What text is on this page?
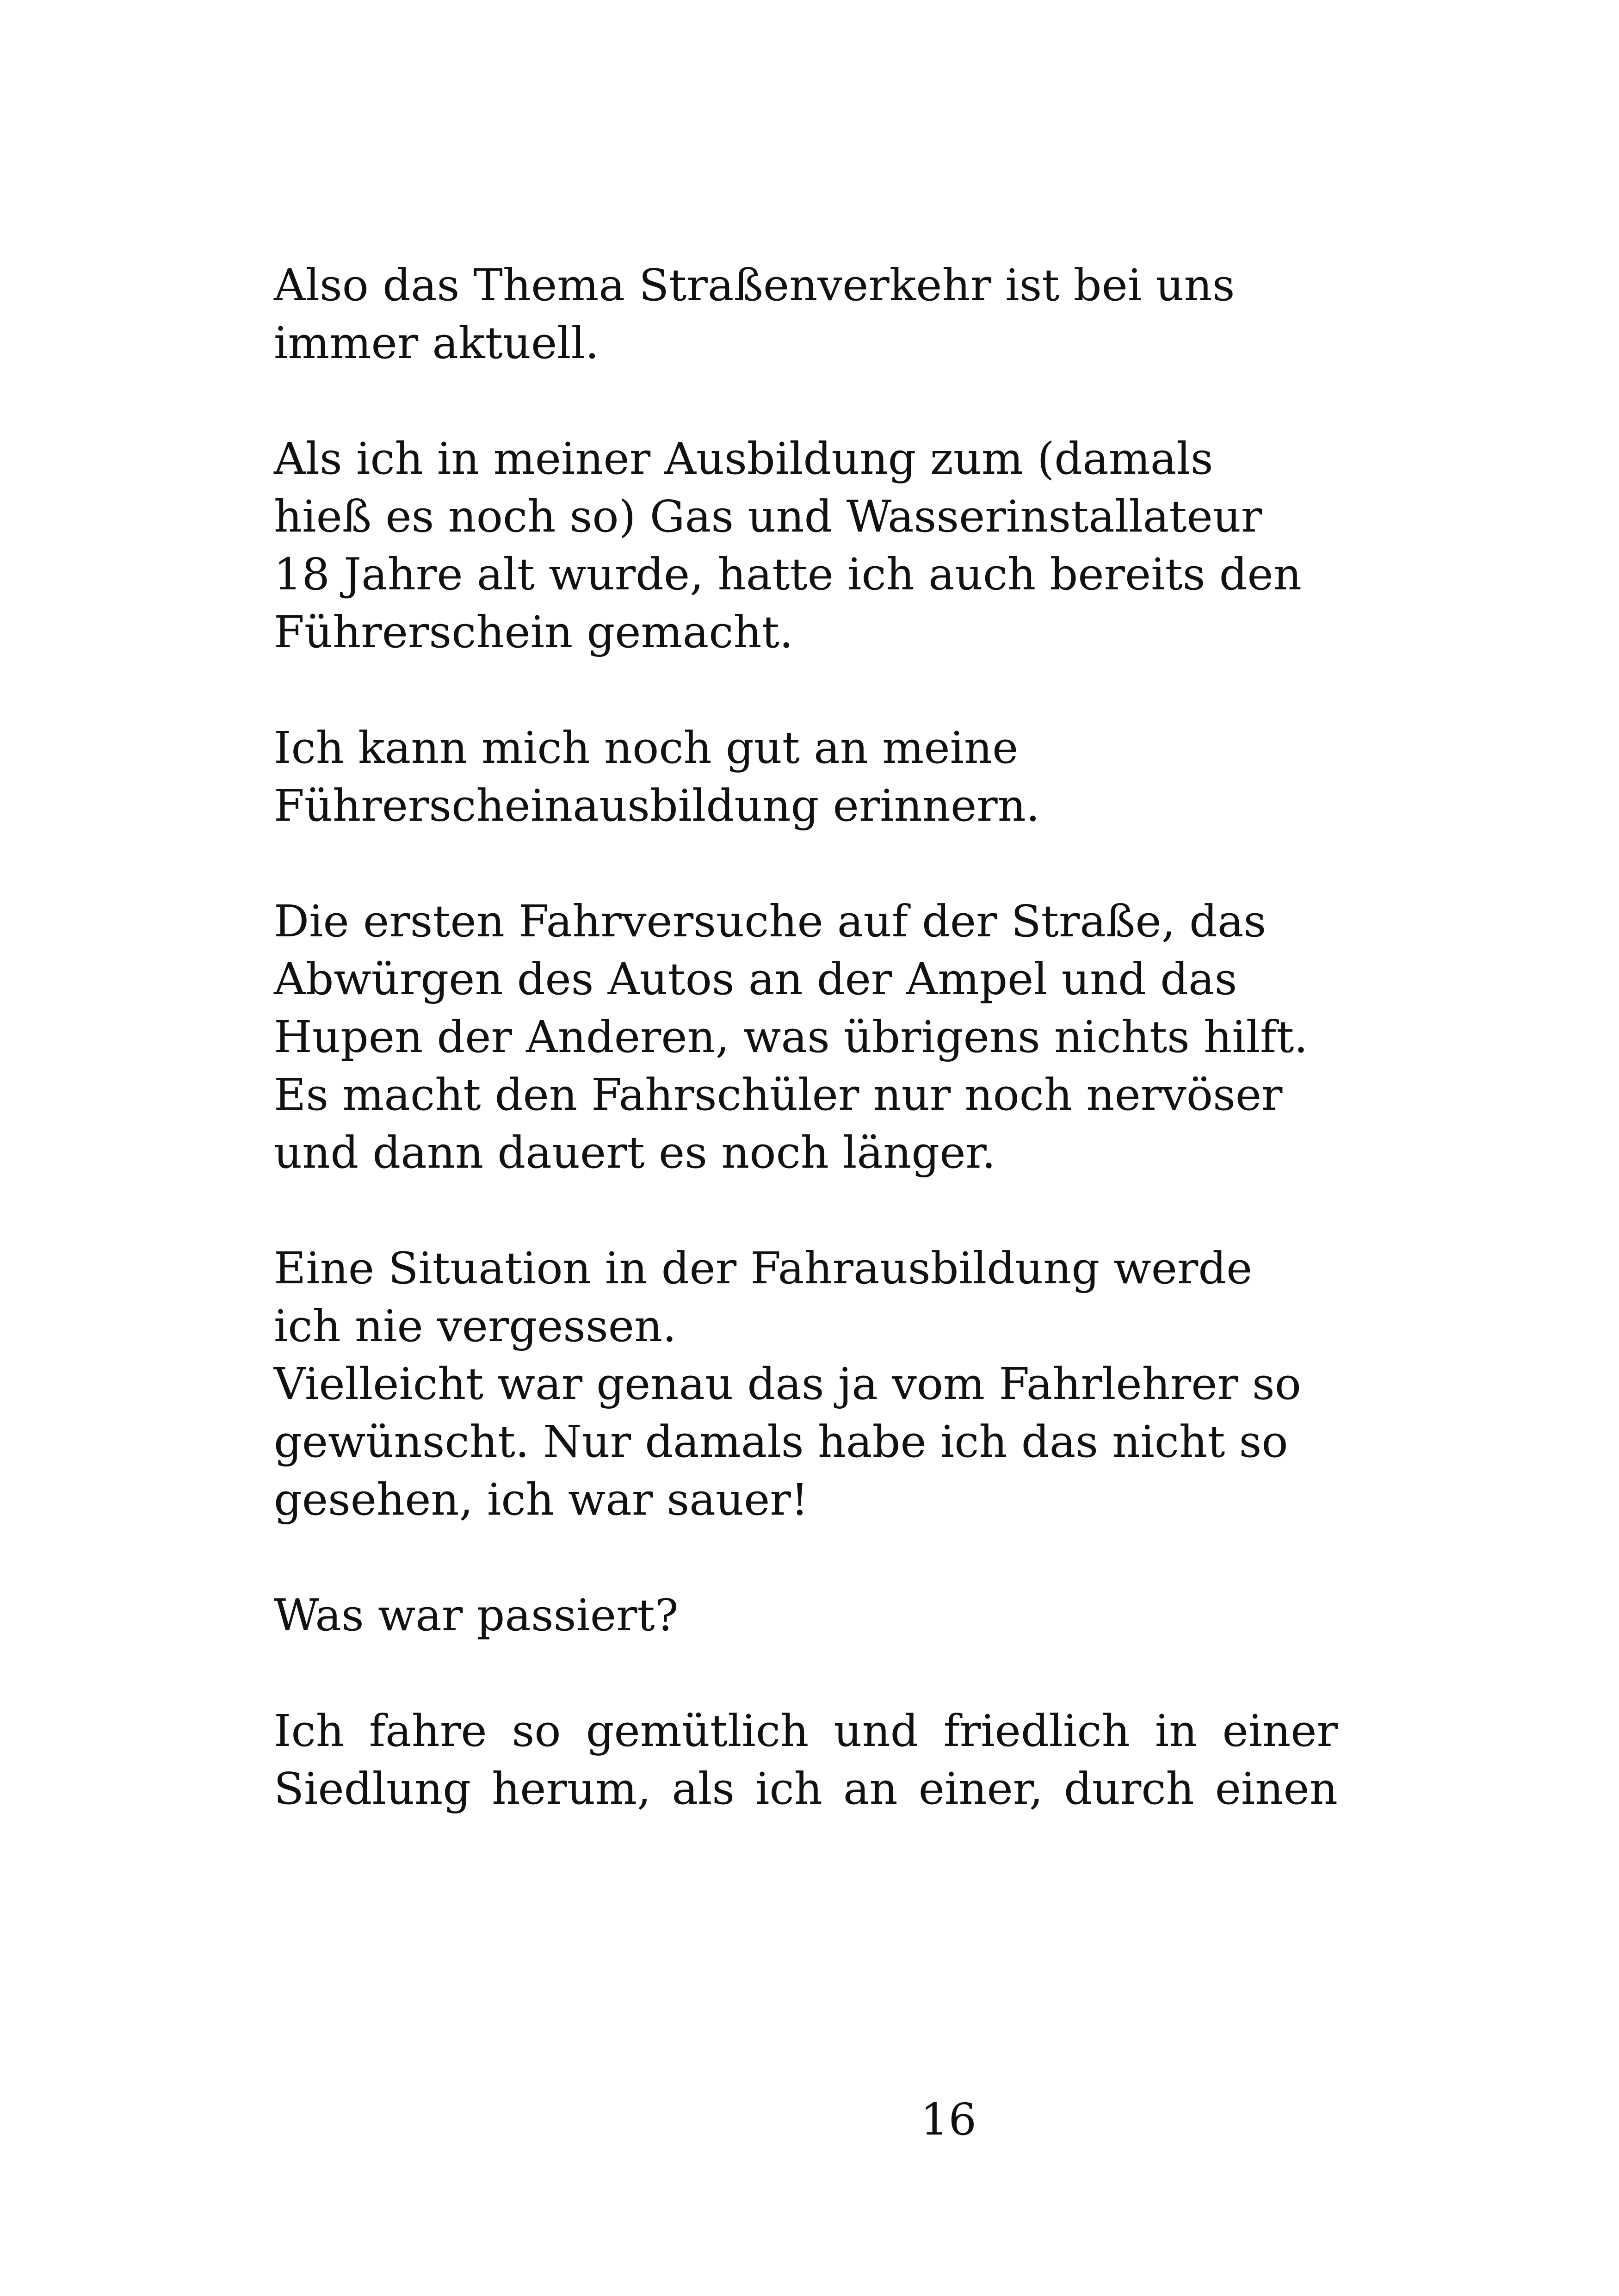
Also das Thema Straßenverkehr ist bei uns
immer aktuell.

Als ich in meiner Ausbildung zum (damals
hieß es noch so) Gas und Wasserinstallateur
18 Jahre alt wurde, hatte ich auch bereits den
Führerschein gemacht.

Ich kann mich noch gut an meine
Führerscheinausbildung erinnern.

Die ersten Fahrversuche auf der Straße, das
Abwürgen des Autos an der Ampel und das
Hupen der Anderen, was übrigens nichts hilft.
Es macht den Fahrschüler nur noch nervöser
und dann dauert es noch länger.

Eine Situation in der Fahrausbildung werde
ich nie vergessen.
Vielleicht war genau das ja vom Fahrlehrer so
gewünscht. Nur damals habe ich das nicht so
gesehen, ich war sauer!

Was war passiert?

Ich fahre so gemütlich und friedlich in einer
Siedlung herum, als ich an einer, durch einen

16
